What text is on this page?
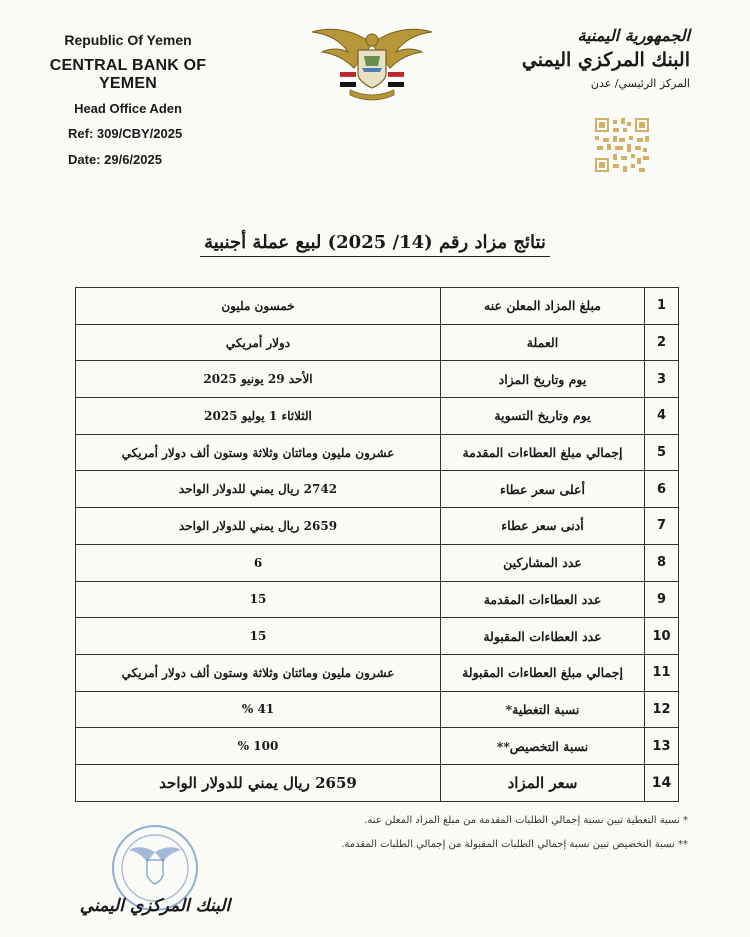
Republic Of Yemen
CENTRAL BANK OF YEMEN
Head Office Aden
Ref: 309/CBY/2025
Date: 29/6/2025
الجمهورية اليمنية
البنك المركزي اليمني
المركز الرئيسي/ عدن
نتائج مزاد رقم (14/ 2025) لبيع عملة أجنبية
1	مبلغ المزاد المعلن عنه	خمسون مليون
2	العملة	دولار أمريكي
3	يوم وتاريخ المزاد	الأحد 29 يونيو 2025
4	يوم وتاريخ التسوية	الثلاثاء 1 يوليو 2025
5	إجمالي مبلغ العطاءات المقدمة	عشرون مليون ومائتان وثلاثة وستون ألف دولار أمريكي
6	أعلى سعر عطاء	2742 ريال يمني للدولار الواحد
7	أدنى سعر عطاء	2659 ريال يمني للدولار الواحد
8	عدد المشاركين	6
9	عدد العطاءات المقدمة	15
10	عدد العطاءات المقبولة	15
11	إجمالي مبلغ العطاءات المقبولة	عشرون مليون ومائتان وثلاثة وستون ألف دولار أمريكي
12	نسبة التغطية*	41 %
13	نسبة التخصيص**	100 %
14	سعر المزاد	2659 ريال يمني للدولار الواحد
* نسبة التغطية تبين نسبة إجمالي الطلبات المقدمة من مبلغ المزاد المعلن عنه.
** نسبة التخصيص تبين نسبة إجمالي الطلبات المقبولة من إجمالي الطلبات المقدمة.
البنك المركزي اليمني
